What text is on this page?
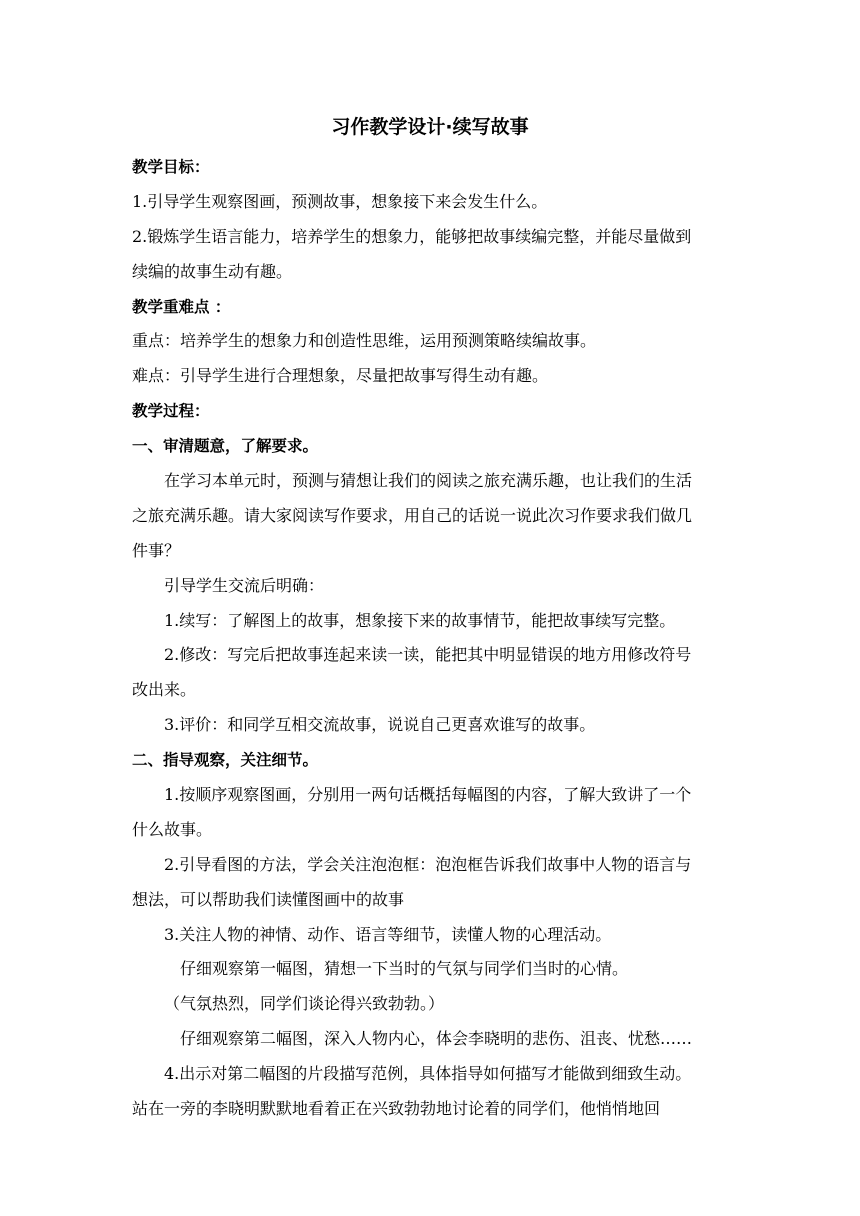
习作教学设计·续写故事
教学目标：
1.引导学生观察图画，预测故事，想象接下来会发生什么。
2.锻炼学生语言能力，培养学生的想象力，能够把故事续编完整，并能尽量做到
续编的故事生动有趣。
教学重难点 ：
重点：培养学生的想象力和创造性思维，运用预测策略续编故事。
难点：引导学生进行合理想象，尽量把故事写得生动有趣。
教学过程：
一、审清题意，了解要求。
在学习本单元时，预测与猜想让我们的阅读之旅充满乐趣，也让我们的生活
之旅充满乐趣。请大家阅读写作要求，用自己的话说一说此次习作要求我们做几
件事？
引导学生交流后明确：
1.续写：了解图上的故事，想象接下来的故事情节，能把故事续写完整。
2.修改：写完后把故事连起来读一读，能把其中明显错误的地方用修改符号
改出来。
3.评价：和同学互相交流故事，说说自己更喜欢谁写的故事。
二、指导观察，关注细节。
1.按顺序观察图画，分别用一两句话概括每幅图的内容，了解大致讲了一个
什么故事。
2.引导看图的方法，学会关注泡泡框：泡泡框告诉我们故事中人物的语言与
想法，可以帮助我们读懂图画中的故事
3.关注人物的神情、动作、语言等细节，读懂人物的心理活动。
仔细观察第一幅图，猜想一下当时的气氛与同学们当时的心情。
（气氛热烈，同学们谈论得兴致勃勃。）
仔细观察第二幅图，深入人物内心，体会李晓明的悲伤、沮丧、忧愁……
4.出示对第二幅图的片段描写范例，具体指导如何描写才能做到细致生动。
站在一旁的李晓明默默地看着正在兴致勃勃地讨论着的同学们，他悄悄地回
